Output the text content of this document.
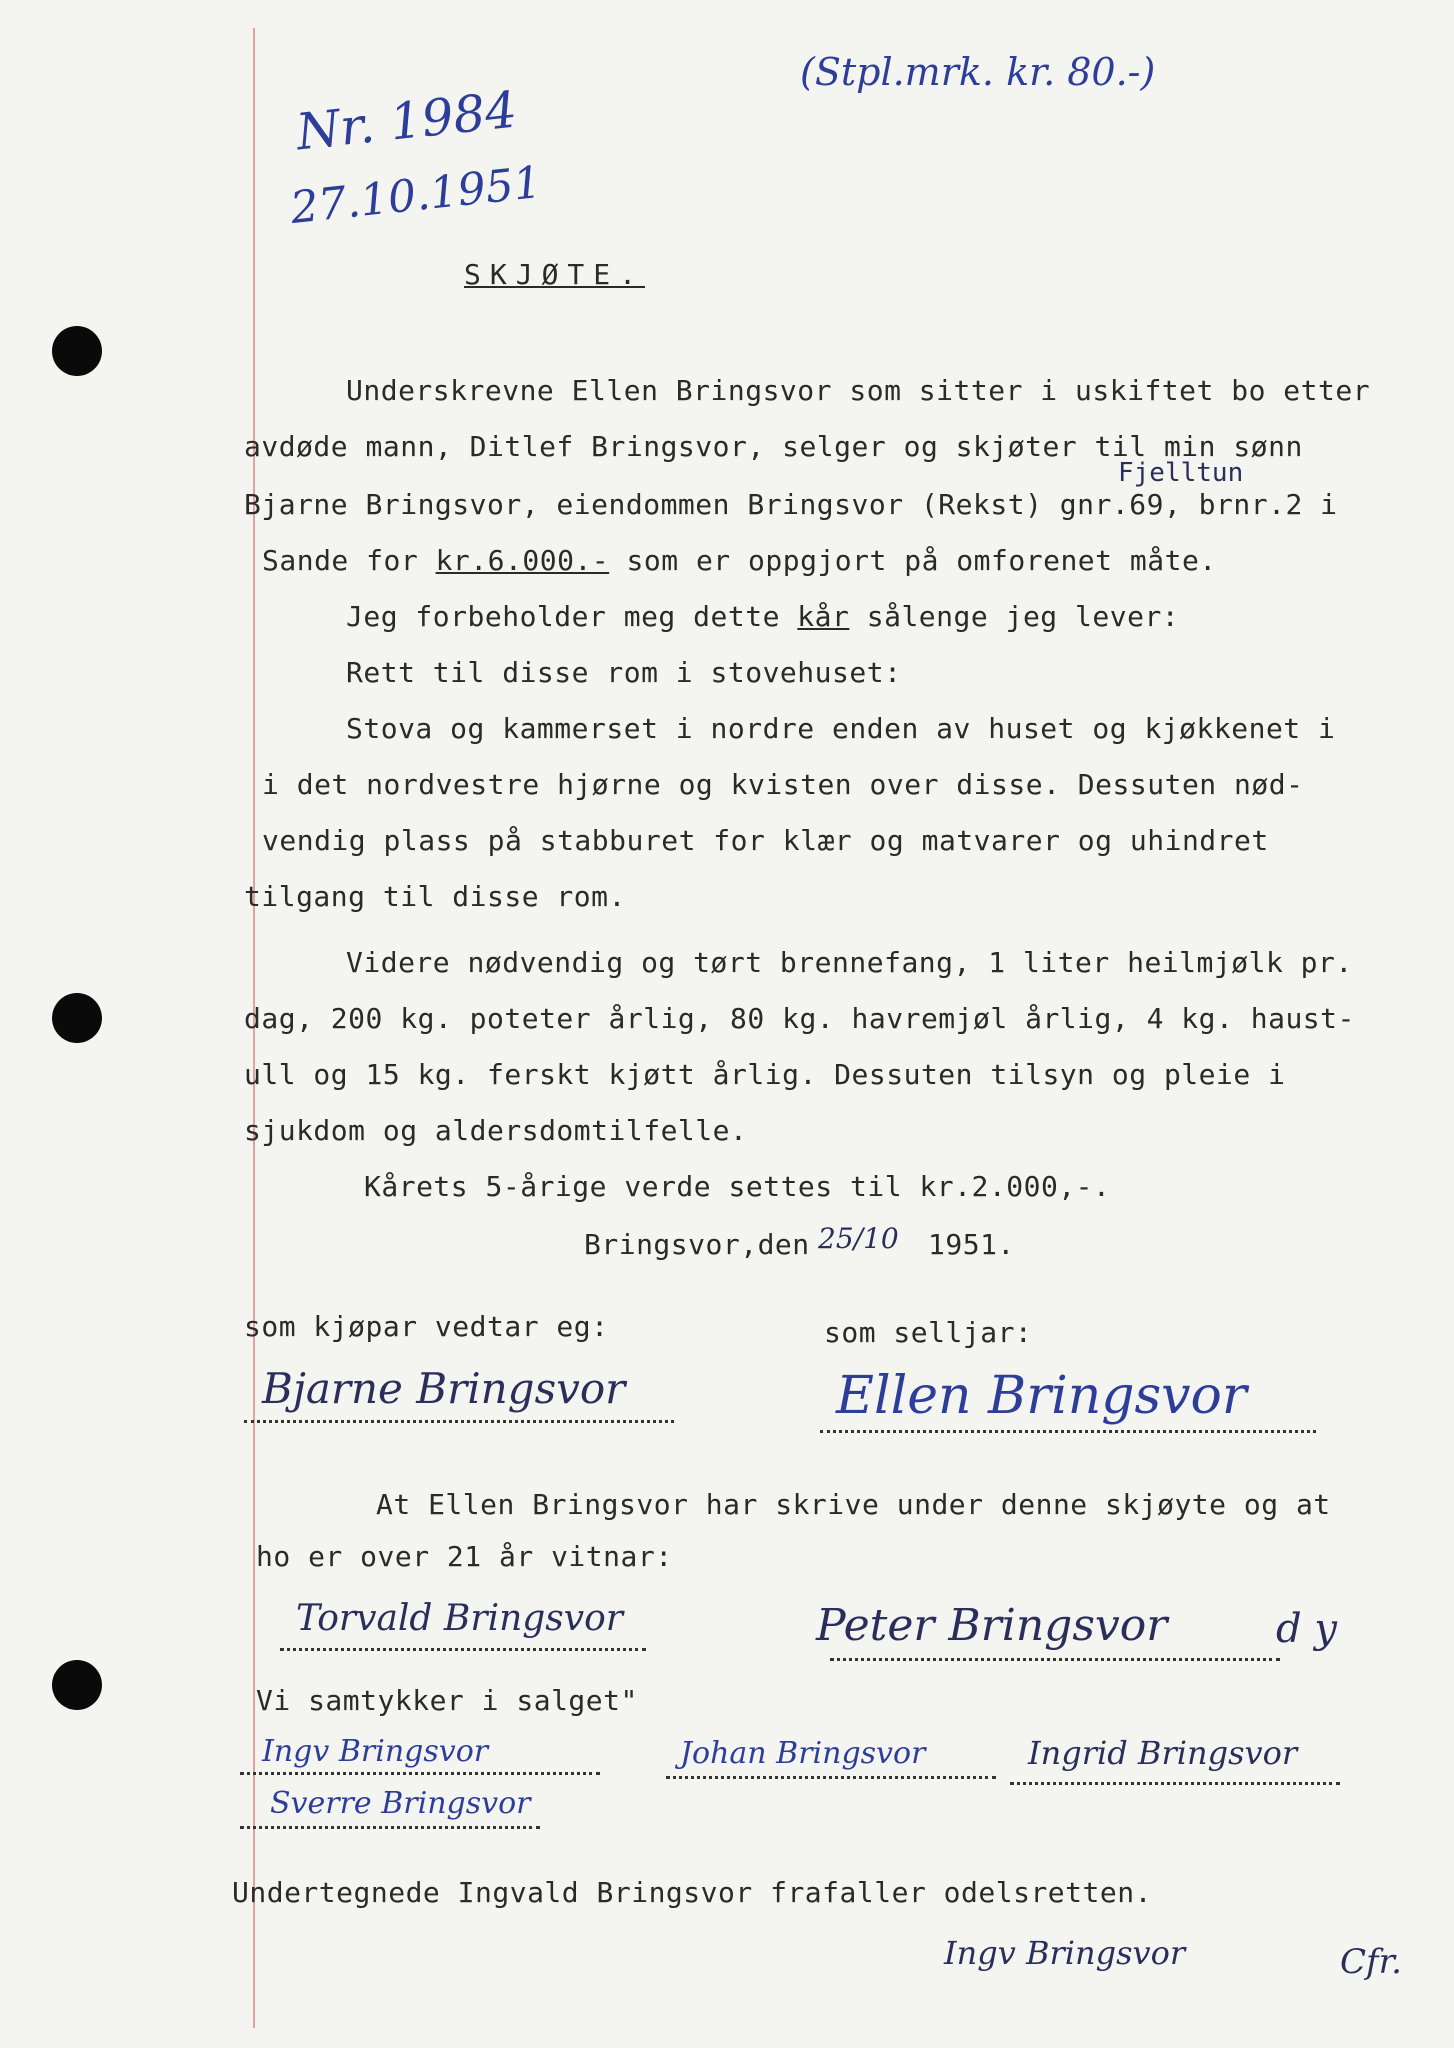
Nr. 1984
27.10.1951
(Stpl.mrk. kr. 80.-)
SKJØTE.
Underskrevne Ellen Bringsvor som sitter i uskiftet bo etter
avdøde mann, Ditlef Bringsvor, selger og skjøter til min sønn
Fjelltun
Bjarne Bringsvor, eiendommen Bringsvor (Rekst) gnr.69, brnr.2 i
Sande for kr.6.000.- som er oppgjort på omforenet måte.
Jeg forbeholder meg dette kår sålenge jeg lever:
Rett til disse rom i stovehuset:
Stova og kammerset i nordre enden av huset og kjøkkenet i
i det nordvestre hjørne og kvisten over disse. Dessuten nød-
vendig plass på stabburet for klær og matvarer og uhindret
tilgang til disse rom.
Videre nødvendig og tørt brennefang, 1 liter heilmjølk pr.
dag, 200 kg. poteter årlig, 80 kg. havremjøl årlig, 4 kg. haust-
ull og 15 kg. ferskt kjøtt årlig. Dessuten tilsyn og pleie i
sjukdom og aldersdomtilfelle.
Kårets 5-årige verde settes til kr.2.000,-.
Bringsvor,den 25/10 1951.
som kjøpar vedtar eg:	som selljar:
Bjarne Bringsvor	Ellen Bringsvor
At Ellen Bringsvor har skrive under denne skjøyte og at
ho er over 21 år vitnar:
Torvald Bringsvor	Peter Bringsvor	d y
Vi samtykker i salget"
Ingv Bringsvor	Johan Bringsvor	Ingrid Bringsvor
Sverre Bringsvor
Undertegnede Ingvald Bringsvor frafaller odelsretten.
Ingv Bringsvor	Cfr.
